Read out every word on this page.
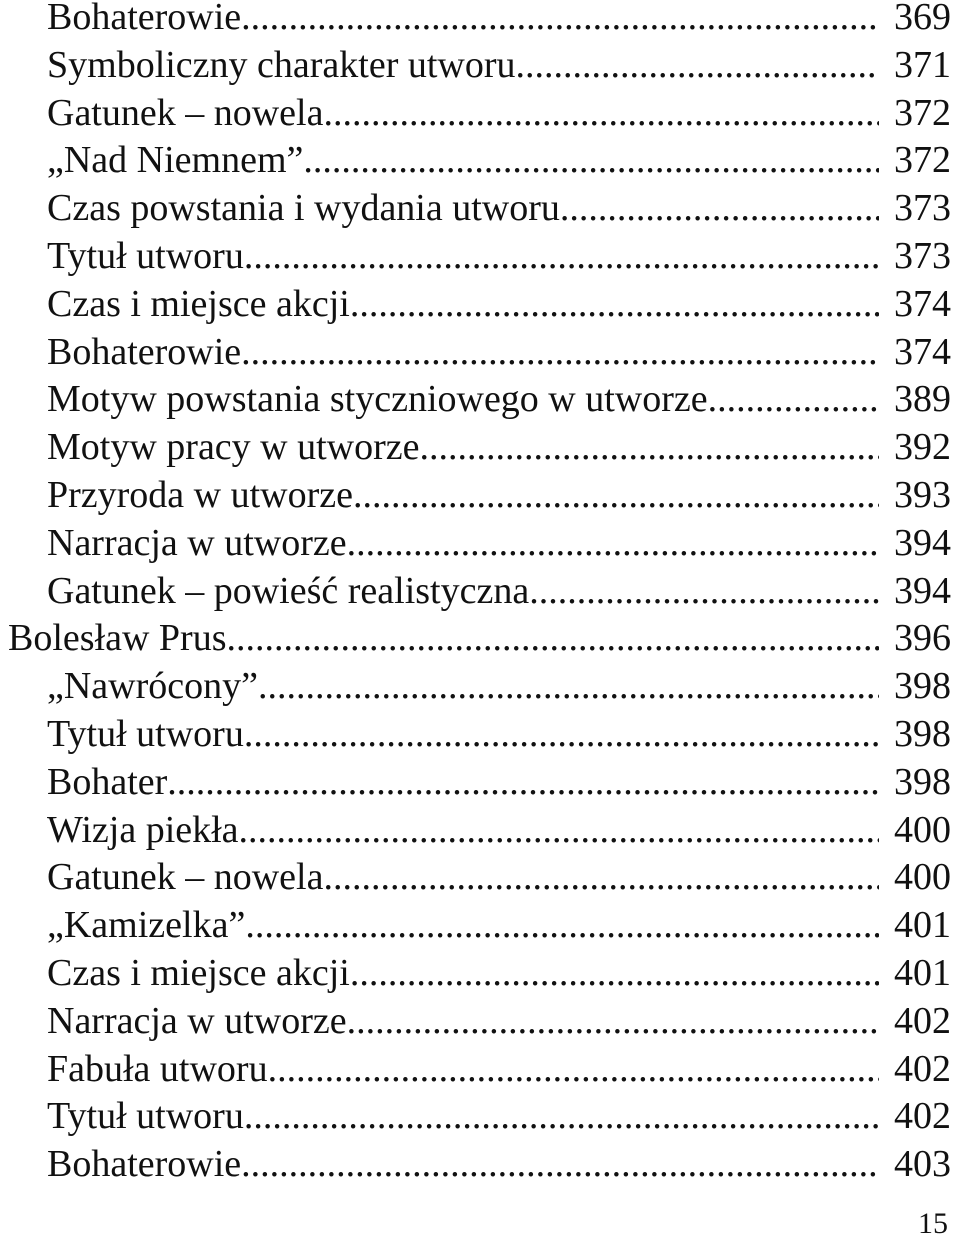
Bohaterowie .....	369
Symboliczny charakter utworu .....	371
Gatunek – nowela .....	372
„Nad Niemnem” .....	372
Czas powstania i wydania utworu .....	373
Tytuł utworu .....	373
Czas i miejsce akcji .....	374
Bohaterowie .....	374
Motyw powstania styczniowego w utworze .....	389
Motyw pracy w utworze .....	392
Przyroda w utworze .....	393
Narracja w utworze .....	394
Gatunek – powieść realistyczna .....	394
Bolesław Prus .....	396
„Nawrócony” .....	398
Tytuł utworu .....	398
Bohater .....	398
Wizja piekła .....	400
Gatunek – nowela .....	400
„Kamizelka” .....	401
Czas i miejsce akcji .....	401
Narracja w utworze .....	402
Fabuła utworu .....	402
Tytuł utworu .....	402
Bohaterowie .....	403
15
